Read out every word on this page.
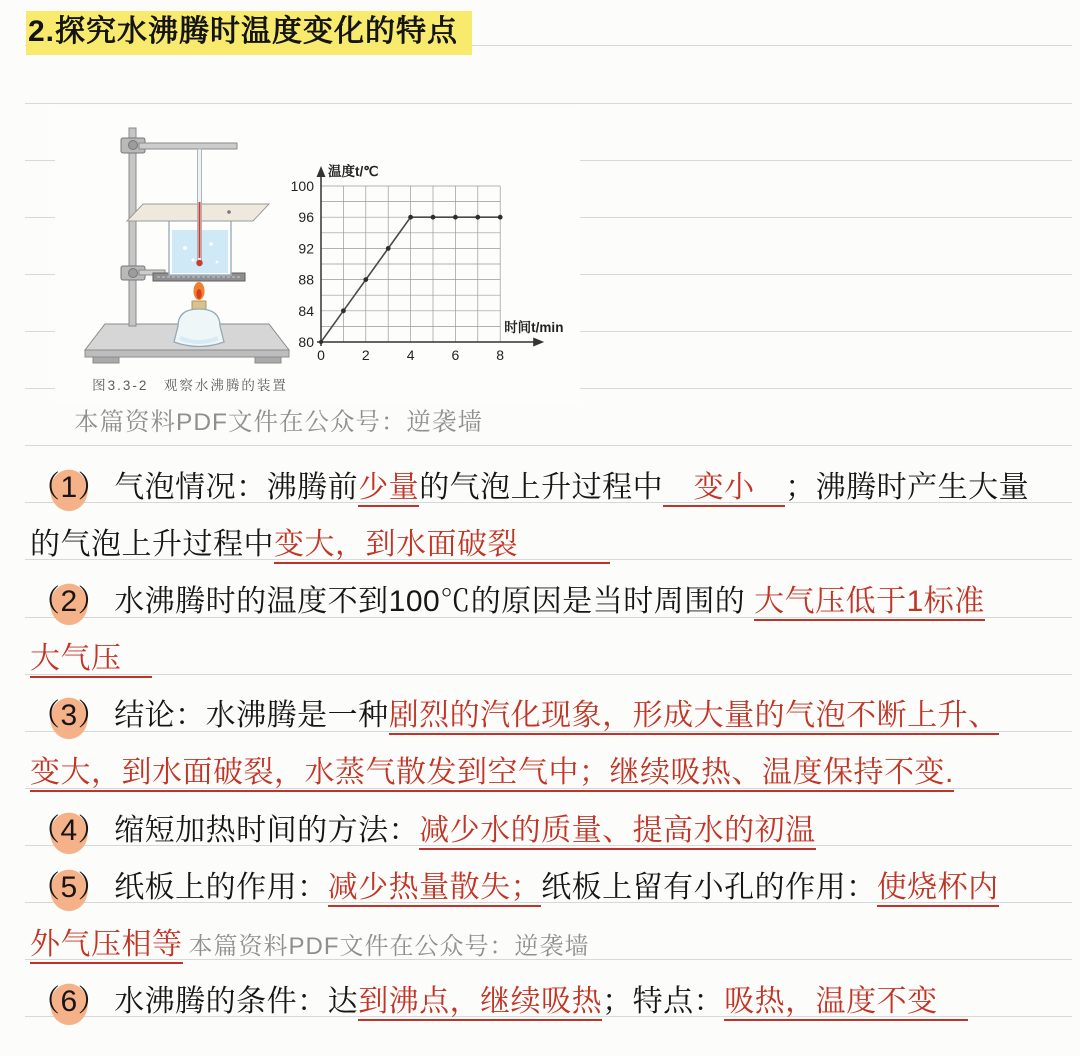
2.探究水沸腾时温度变化的特点
图3.3-2　观察水沸腾的装置
80
84
88
92
96
100
0	2	4	6	8
温度t/℃
时间t/min
本篇资料PDF文件在公众号：逆袭墙
（1） 气泡情况：沸腾前少量的气泡上升过程中　变小　；沸腾时产生大量
的气泡上升过程中变大，到水面破裂　　　
（2） 水沸腾时的温度不到100℃的原因是当时周围的 大气压低于1标准
大气压　
（3） 结论：水沸腾是一种剧烈的汽化现象，形成大量的气泡不断上升、
变大，到水面破裂，水蒸气散发到空气中；继续吸热、温度保持不变.
（4） 缩短加热时间的方法：减少水的质量、提高水的初温
（5） 纸板上的作用：减少热量散失；纸板上留有小孔的作用：使烧杯内
外气压相等 本篇资料PDF文件在公众号：逆袭墙
（6） 水沸腾的条件：达到沸点，继续吸热；特点：吸热，温度不变　
